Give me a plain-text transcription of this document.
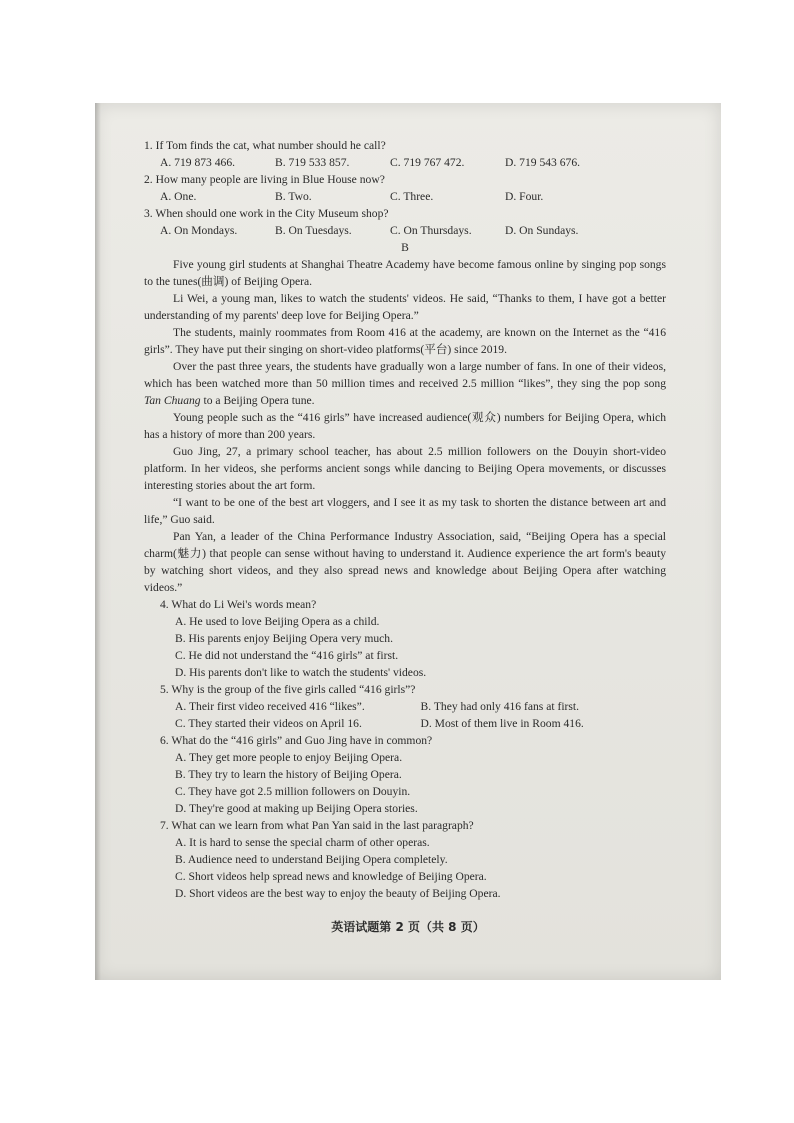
1. If Tom finds the cat, what number should he call?

A. 719 873 466.	B. 719 533 857.	C. 719 767 472.	D. 719 543 676.

2. How many people are living in Blue House now?

A. One.	B. Two.	C. Three.	D. Four.

3. When should one work in the City Museum shop?

A. On Mondays.	B. On Tuesdays.	C. On Thursdays.	D. On Sundays.

B

Five young girl students at Shanghai Theatre Academy have become famous online by singing pop songs to the tunes(曲调) of Beijing Opera.

Li Wei, a young man, likes to watch the students' videos. He said, “Thanks to them, I have got a better understanding of my parents' deep love for Beijing Opera.”

The students, mainly roommates from Room 416 at the academy, are known on the Internet as the “416 girls”. They have put their singing on short-video platforms(平台) since 2019.

Over the past three years, the students have gradually won a large number of fans. In one of their videos, which has been watched more than 50 million times and received 2.5 million “likes”, they sing the pop song Tan Chuang to a Beijing Opera tune.

Young people such as the “416 girls” have increased audience(观众) numbers for Beijing Opera, which has a history of more than 200 years.

Guo Jing, 27, a primary school teacher, has about 2.5 million followers on the Douyin short-video platform. In her videos, she performs ancient songs while dancing to Beijing Opera movements, or discusses interesting stories about the art form.

“I want to be one of the best art vloggers, and I see it as my task to shorten the distance between art and life,” Guo said.

Pan Yan, a leader of the China Performance Industry Association, said, “Beijing Opera has a special charm(魅力) that people can sense without having to understand it. Audience experience the art form's beauty by watching short videos, and they also spread news and knowledge about Beijing Opera after watching videos.”

4. What do Li Wei's words mean?

A. He used to love Beijing Opera as a child.

B. His parents enjoy Beijing Opera very much.

C. He did not understand the “416 girls” at first.

D. His parents don't like to watch the students' videos.

5. Why is the group of the five girls called “416 girls”?

A. Their first video received 416 “likes”.	B. They had only 416 fans at first.
C. They started their videos on April 16.	D. Most of them live in Room 416.

6. What do the “416 girls” and Guo Jing have in common?

A. They get more people to enjoy Beijing Opera.

B. They try to learn the history of Beijing Opera.

C. They have got 2.5 million followers on Douyin.

D. They're good at making up Beijing Opera stories.

7. What can we learn from what Pan Yan said in the last paragraph?

A. It is hard to sense the special charm of other operas.

B. Audience need to understand Beijing Opera completely.

C. Short videos help spread news and knowledge of Beijing Opera.

D. Short videos are the best way to enjoy the beauty of Beijing Opera.

英语试题第 2 页（共 8 页）
